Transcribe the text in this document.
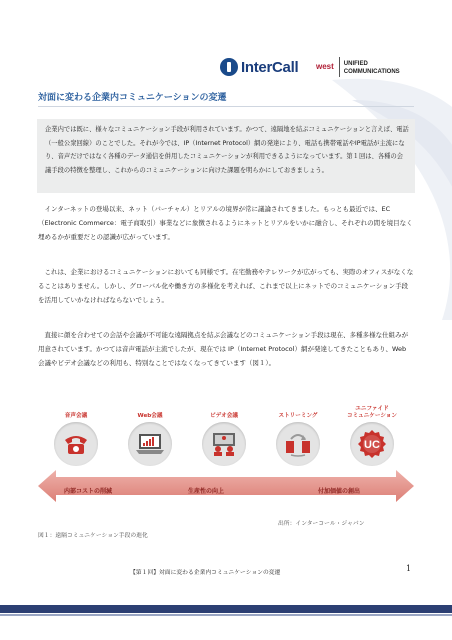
InterCall west UNIFIED
COMMUNICATIONS
対面に変わる企業内コミュニケーションの変遷
企業内では既に、様々なコミュニケーション手段が利用されています。かつて、遠隔地を結ぶコミュニケーションと言えば、電話（一般公衆回線）のことでした。それが今では、IP（Internet Protocol）網の発達により、電話も携帯電話やIP電話が主流になり、音声だけではなく各種のデータ通信を併用したコミュニケーションが利用できるようになっています。第１回は、各種の会議手段の特徴を整理し、これからのコミュニケーションに向けた課題を明らかにしておきましょう。
　インターネットの登場以来、ネット（バーチャル）とリアルの境界が常に議論されてきました。もっとも最近では、EC（Electronic Commerce：電子商取引）事業などに象徴されるようにネットとリアルをいかに融合し、それぞれの間を境目なく埋めるかが重要だとの認識が広がっています。
　これは、企業におけるコミュニケーションにおいても同様です。在宅勤務やテレワークが広がっても、実際のオフィスがなくなることはありません。しかし、グローバル化や働き方の多様化を考えれば、これまで以上にネットでのコミュニケーション手段を活用していかなければならないでしょう。
　直接に顔を合わせての会話や会議が不可能な遠隔拠点を結ぶ会議などのコミュニケーション手段は現在、多種多様な仕組みが用意されています。かつては音声電話が主流でしたが、現在では IP（Internet Protocol）網が発達してきたこともあり、Web 会議やビデオ会議などの利用も、特別なことではなくなってきています（図１）。
音声会議	Web会議	ビデオ会議	ストリーミング
ユニファイド
コミュニケーション
UC
内部コストの削減	生産性の向上	付加価値の創出
出所：インターコール・ジャパン
図１：遠隔コミュニケーション手段の進化
【第１回】対面に変わる企業内コミュニケーションの変遷	1
